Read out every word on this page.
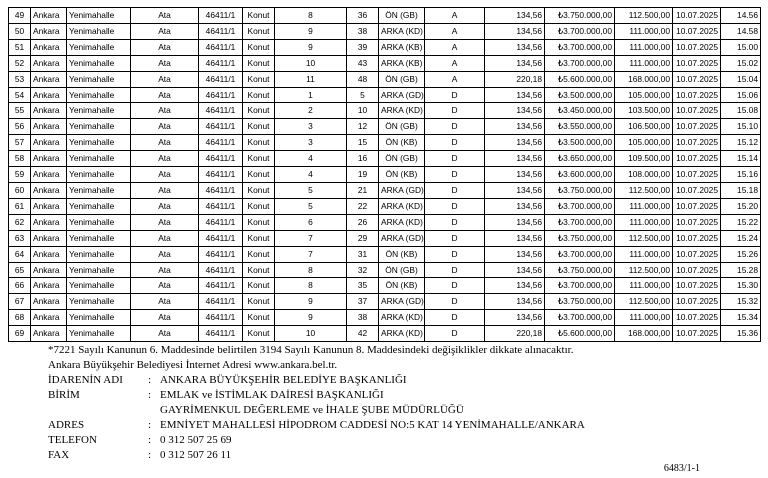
49	Ankara	Yenimahalle	Ata	46411/1	Konut	8	36	ÖN (GB)	A	134,56	₺3.750.000,00	112.500,00	10.07.2025	14.56
50	Ankara	Yenimahalle	Ata	46411/1	Konut	9	38	ARKA (KD)	A	134,56	₺3.700.000,00	111.000,00	10.07.2025	14.58
51	Ankara	Yenimahalle	Ata	46411/1	Konut	9	39	ARKA (KB)	A	134,56	₺3.700.000,00	111.000,00	10.07.2025	15.00
52	Ankara	Yenimahalle	Ata	46411/1	Konut	10	43	ARKA (KB)	A	134,56	₺3.700.000,00	111.000,00	10.07.2025	15.02
53	Ankara	Yenimahalle	Ata	46411/1	Konut	11	48	ÖN (GB)	A	220,18	₺5.600.000,00	168.000,00	10.07.2025	15.04
54	Ankara	Yenimahalle	Ata	46411/1	Konut	1	5	ARKA (GD)	D	134,56	₺3.500.000,00	105.000,00	10.07.2025	15.06
55	Ankara	Yenimahalle	Ata	46411/1	Konut	2	10	ARKA (KD)	D	134,56	₺3.450.000,00	103.500,00	10.07.2025	15.08
56	Ankara	Yenimahalle	Ata	46411/1	Konut	3	12	ÖN (GB)	D	134,56	₺3.550.000,00	106.500,00	10.07.2025	15.10
57	Ankara	Yenimahalle	Ata	46411/1	Konut	3	15	ÖN (KB)	D	134,56	₺3.500.000,00	105.000,00	10.07.2025	15.12
58	Ankara	Yenimahalle	Ata	46411/1	Konut	4	16	ÖN (GB)	D	134,56	₺3.650.000,00	109.500,00	10.07.2025	15.14
59	Ankara	Yenimahalle	Ata	46411/1	Konut	4	19	ÖN (KB)	D	134,56	₺3.600.000,00	108.000,00	10.07.2025	15.16
60	Ankara	Yenimahalle	Ata	46411/1	Konut	5	21	ARKA (GD)	D	134,56	₺3.750.000,00	112.500,00	10.07.2025	15.18
61	Ankara	Yenimahalle	Ata	46411/1	Konut	5	22	ARKA (KD)	D	134,56	₺3.700.000,00	111.000,00	10.07.2025	15.20
62	Ankara	Yenimahalle	Ata	46411/1	Konut	6	26	ARKA (KD)	D	134,56	₺3.700.000,00	111.000,00	10.07.2025	15.22
63	Ankara	Yenimahalle	Ata	46411/1	Konut	7	29	ARKA (GD)	D	134,56	₺3.750.000,00	112.500,00	10.07.2025	15.24
64	Ankara	Yenimahalle	Ata	46411/1	Konut	7	31	ÖN (KB)	D	134,56	₺3.700.000,00	111.000,00	10.07.2025	15.26
65	Ankara	Yenimahalle	Ata	46411/1	Konut	8	32	ÖN (GB)	D	134,56	₺3.750.000,00	112.500,00	10.07.2025	15.28
66	Ankara	Yenimahalle	Ata	46411/1	Konut	8	35	ÖN (KB)	D	134,56	₺3.700.000,00	111.000,00	10.07.2025	15.30
67	Ankara	Yenimahalle	Ata	46411/1	Konut	9	37	ARKA (GD)	D	134,56	₺3.750.000,00	112.500,00	10.07.2025	15.32
68	Ankara	Yenimahalle	Ata	46411/1	Konut	9	38	ARKA (KD)	D	134,56	₺3.700.000,00	111.000,00	10.07.2025	15.34
69	Ankara	Yenimahalle	Ata	46411/1	Konut	10	42	ARKA (KD)	D	220,18	₺5.600.000,00	168.000,00	10.07.2025	15.36
*7221 Sayılı Kanunun 6. Maddesinde belirtilen 3194 Sayılı Kanunun 8. Maddesindeki değişiklikler dikkate alınacaktır.
Ankara Büyükşehir Belediyesi İnternet Adresi www.ankara.bel.tr.
İDARENİN ADI	: ANKARA BÜYÜKŞEHİR BELEDİYE BAŞKANLIĞI
BİRİM	: EMLAK ve İSTİMLAK DAİRESİ BAŞKANLIĞI
GAYRİMENKUL DEĞERLEME ve İHALE ŞUBE MÜDÜRLÜĞÜ
ADRES	: EMNİYET MAHALLESİ HİPODROM CADDESİ NO:5 KAT 14 YENİMAHALLE/ANKARA
TELEFON	: 0 312 507 25 69
FAX	: 0 312 507 26 11
6483/1-1
